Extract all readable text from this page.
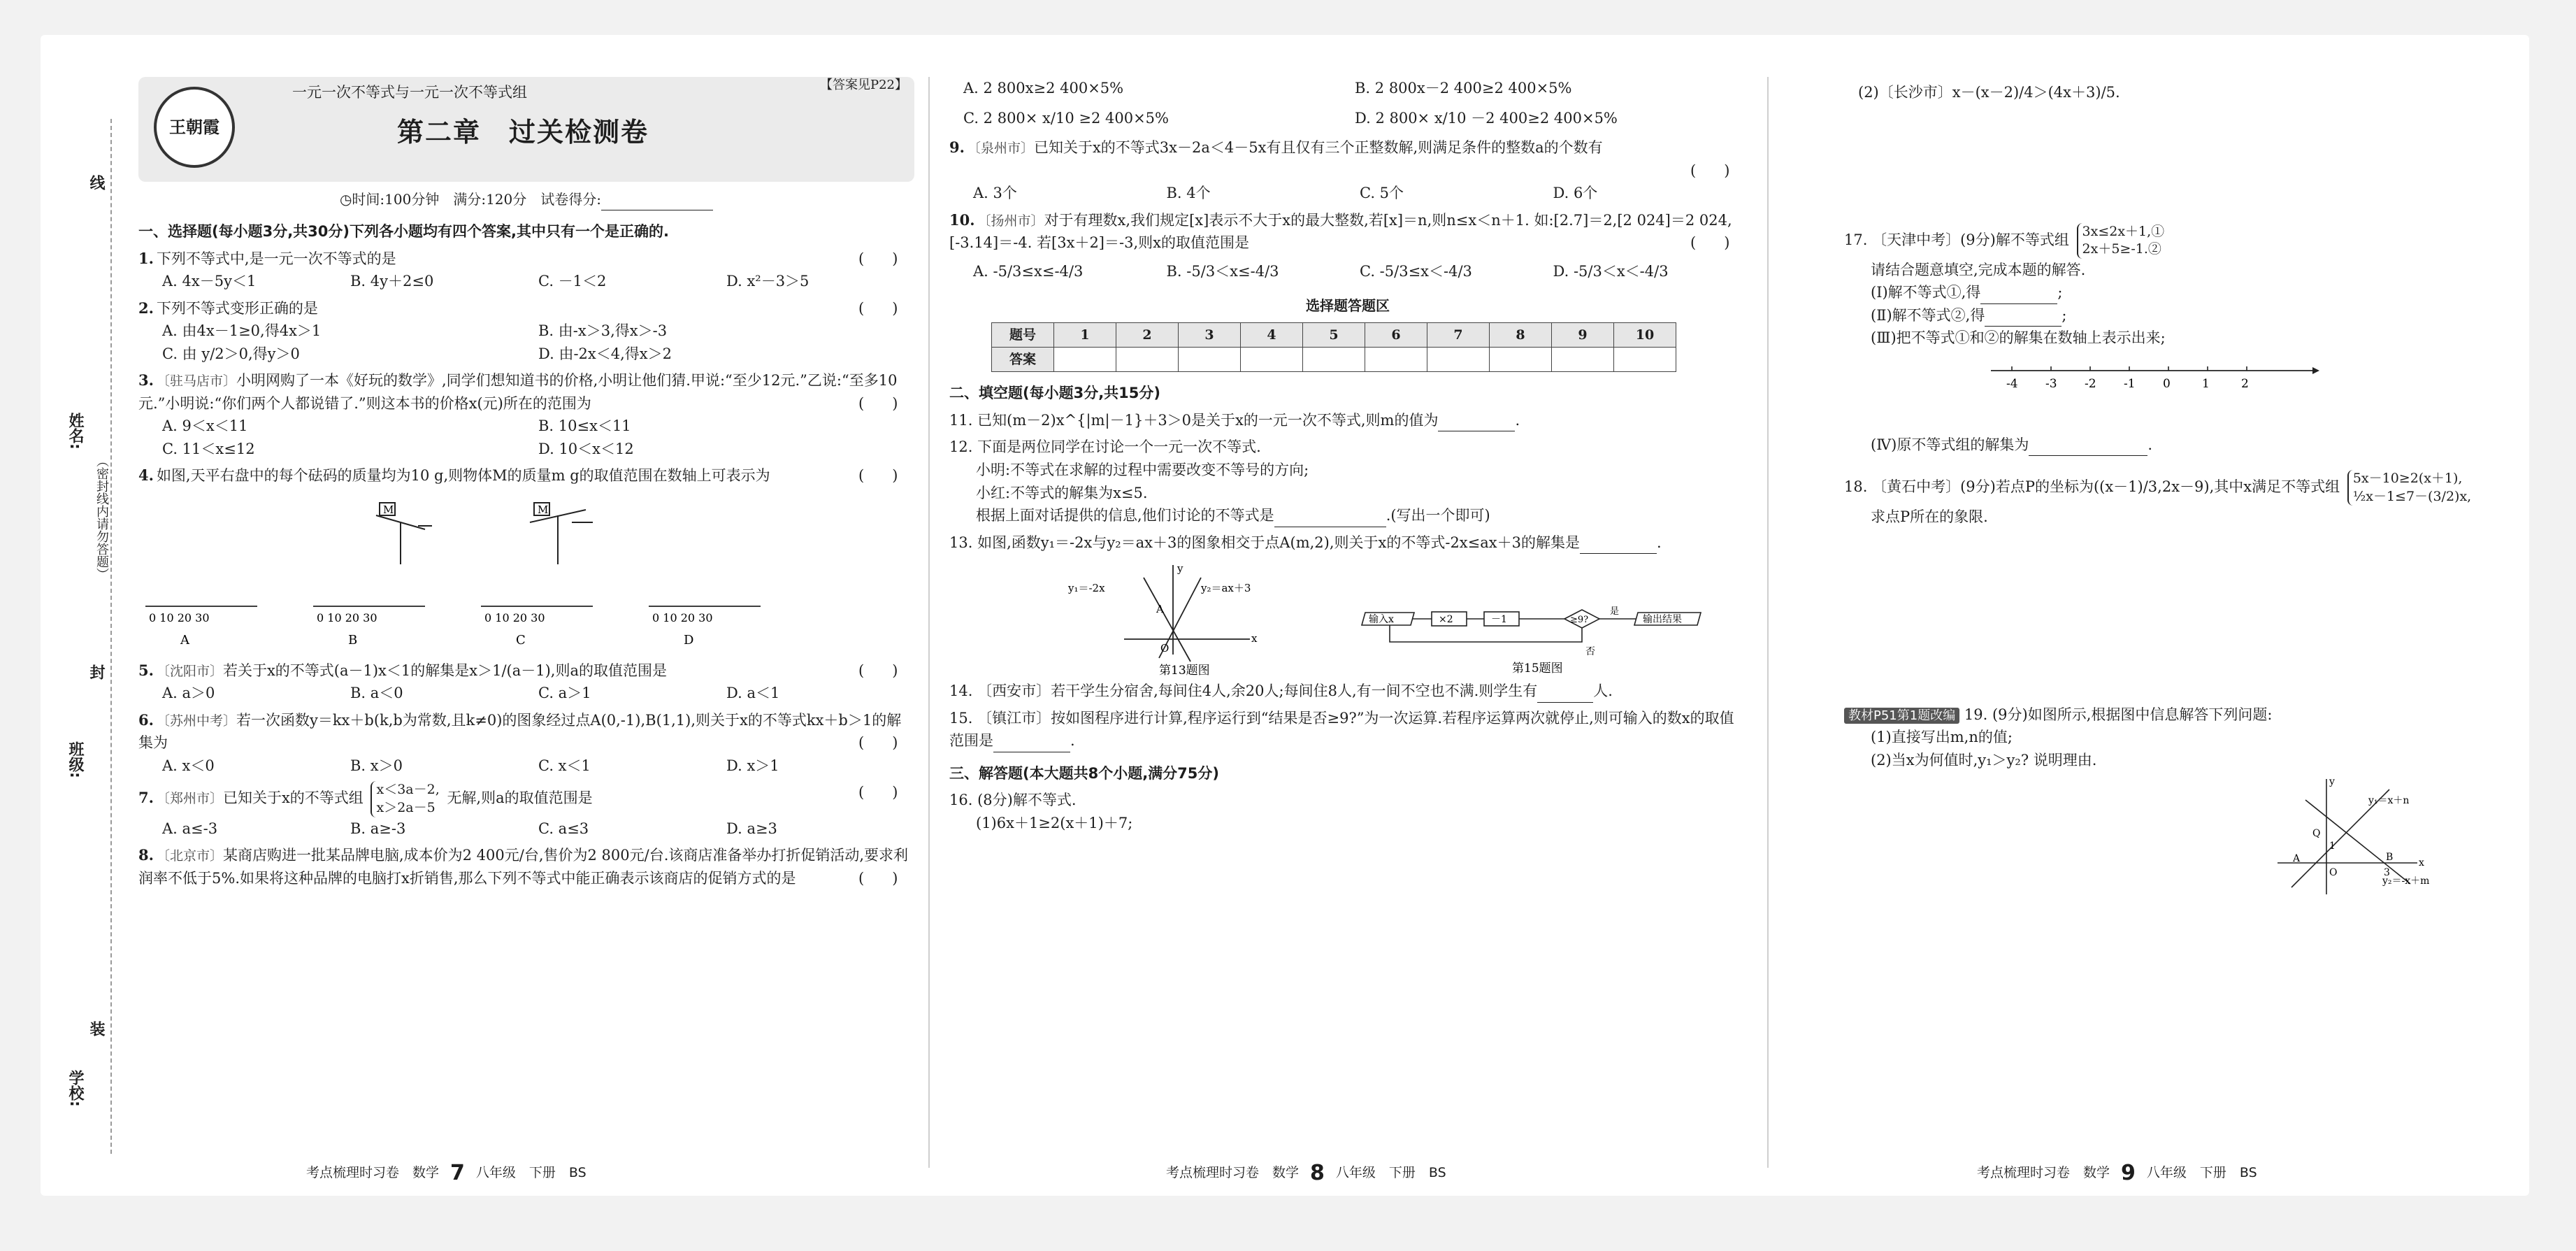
线
姓名:
（密封线内请勿答题）
封
班级:
装
学校:
王朝霞
一元一次不等式与一元一次不等式组	【答案见P22】
第二章　过关检测卷
◷时间:100分钟　满分:120分　试卷得分:
一、选择题(每小题3分,共30分)下列各小题均有四个答案,其中只有一个是正确的.
1. 下列不等式中,是一元一次不等式的是	()
A. 4x－5y＜1	B. 4y＋2≤0	C. －1＜2	D. x²－3＞5
2. 下列不等式变形正确的是	()
A. 由4x－1≥0,得4x＞1	B. 由-x＞3,得x＞-3
C. 由 y/2＞0,得y＞0	D. 由-2x＜4,得x＞2
3. 〔驻马店市〕小明网购了一本《好玩的数学》,同学们想知道书的价格,小明让他们猜.甲说:“至少12元.”乙说:“至多10元.”小明说:“你们两个人都说错了.”则这本书的价格x(元)所在的范围为	()
A. 9＜x＜11	B. 10≤x＜11
C. 11＜x≤12	D. 10＜x＜12
4. 如图,天平右盘中的每个砝码的质量均为10 g,则物体M的质量m g的取值范围在数轴上可表示为	()
M	M
0 10 20 30
A
0 10 20 30
B
0 10 20 30
C
0 10 20 30
D
5. 〔沈阳市〕若关于x的不等式(a－1)x＜1的解集是x＞1/(a－1),则a的取值范围是	()
A. a＞0	B. a＜0	C. a＞1	D. a＜1
6. 〔苏州中考〕若一次函数y＝kx＋b(k,b为常数,且k≠0)的图象经过点A(0,-1),B(1,1),则关于x的不等式kx＋b＞1的解集为	()
A. x＜0	B. x＞0	C. x＜1	D. x＞1
7. 〔郑州市〕已知关于x的不等式组 x＜3a－2,
x＞2a－5 无解,则a的取值范围是	()
A. a≤-3	B. a≥-3	C. a≤3	D. a≥3
8. 〔北京市〕某商店购进一批某品牌电脑,成本价为2 400元/台,售价为2 800元/台.该商店准备举办打折促销活动,要求利润率不低于5%.如果将这种品牌的电脑打x折销售,那么下列不等式中能正确表示该商店的促销方式的是	()
A. 2 800x≥2 400×5%	B. 2 800x－2 400≥2 400×5%
C. 2 800× x/10 ≥2 400×5%	D. 2 800× x/10 －2 400≥2 400×5%
9. 〔泉州市〕已知关于x的不等式3x－2a＜4－5x有且仅有三个正整数解,则满足条件的整数a的个数有
()
A. 3个	B. 4个	C. 5个	D. 6个
10. 〔扬州市〕对于有理数x,我们规定[x]表示不大于x的最大整数,若[x]＝n,则n≤x＜n＋1. 如:[2.7]＝2,[2 024]＝2 024,[-3.14]＝-4. 若[3x＋2]＝-3,则x的取值范围是	()
A. -5/3≤x≤-4/3	B. -5/3＜x≤-4/3	C. -5/3≤x＜-4/3	D. -5/3＜x＜-4/3
选择题答题区
题号	1	2	3	4	5	6	7	8	9	10
答案										
二、填空题(每小题3分,共15分)
11. 已知(m－2)x^{|m|－1}＋3＞0是关于x的一元一次不等式,则m的值为	.
12. 下面是两位同学在讨论一个一元一次不等式.
小明:不等式在求解的过程中需要改变不等号的方向;
小红:不等式的解集为x≤5.
根据上面对话提供的信息,他们讨论的不等式是	.(写出一个即可)
13. 如图,函数y₁＝-2x与y₂＝ax＋3的图象相交于点A(m,2),则关于x的不等式-2x≤ax＋3的解集是	.
y₁＝-2x	y₂＝ax＋3
A
O
x
y
第13题图
输入x	×2	－1	≥9?
是
输出结果
否
第15题图
14. 〔西安市〕若干学生分宿舍,每间住4人,余20人;每间住8人,有一间不空也不满.则学生有	人.
15. 〔镇江市〕按如图程序进行计算,程序运行到“结果是否≥9?”为一次运算.若程序运算两次就停止,则可输入的数x的取值范围是	.
三、解答题(本大题共8个小题,满分75分)
16. (8分)解不等式.
(1)6x＋1≥2(x＋1)＋7;
(2)〔长沙市〕x－(x－2)/4＞(4x＋3)/5.
17. 〔天津中考〕(9分)解不等式组 3x≤2x＋1,①
2x＋5≥-1.②
请结合题意填空,完成本题的解答.
(Ⅰ)解不等式①,得	;
(Ⅱ)解不等式②,得	;
(Ⅲ)把不等式①和②的解集在数轴上表示出来;
-4 -3 -2 -1 0	1	2
(Ⅳ)原不等式组的解集为	.
18. 〔黄石中考〕(9分)若点P的坐标为((x－1)/3,2x－9),其中x满足不等式组 5x－10≥2(x＋1),
½x－1≤7－(3/2)x,
求点P所在的象限.
教材P51第1题改编 19. (9分)如图所示,根据图中信息解答下列问题:
(1)直接写出m,n的值;
(2)当x为何值时,y₁＞y₂? 说明理由.
y₁＝x＋n
y₂＝-x＋m
Q
A	B
O
1
3
x
y
考点梳理时习卷　数学 7 八年级　下册　BS	考点梳理时习卷　数学 8 八年级　下册　BS	考点梳理时习卷　数学 9 八年级　下册　BS
